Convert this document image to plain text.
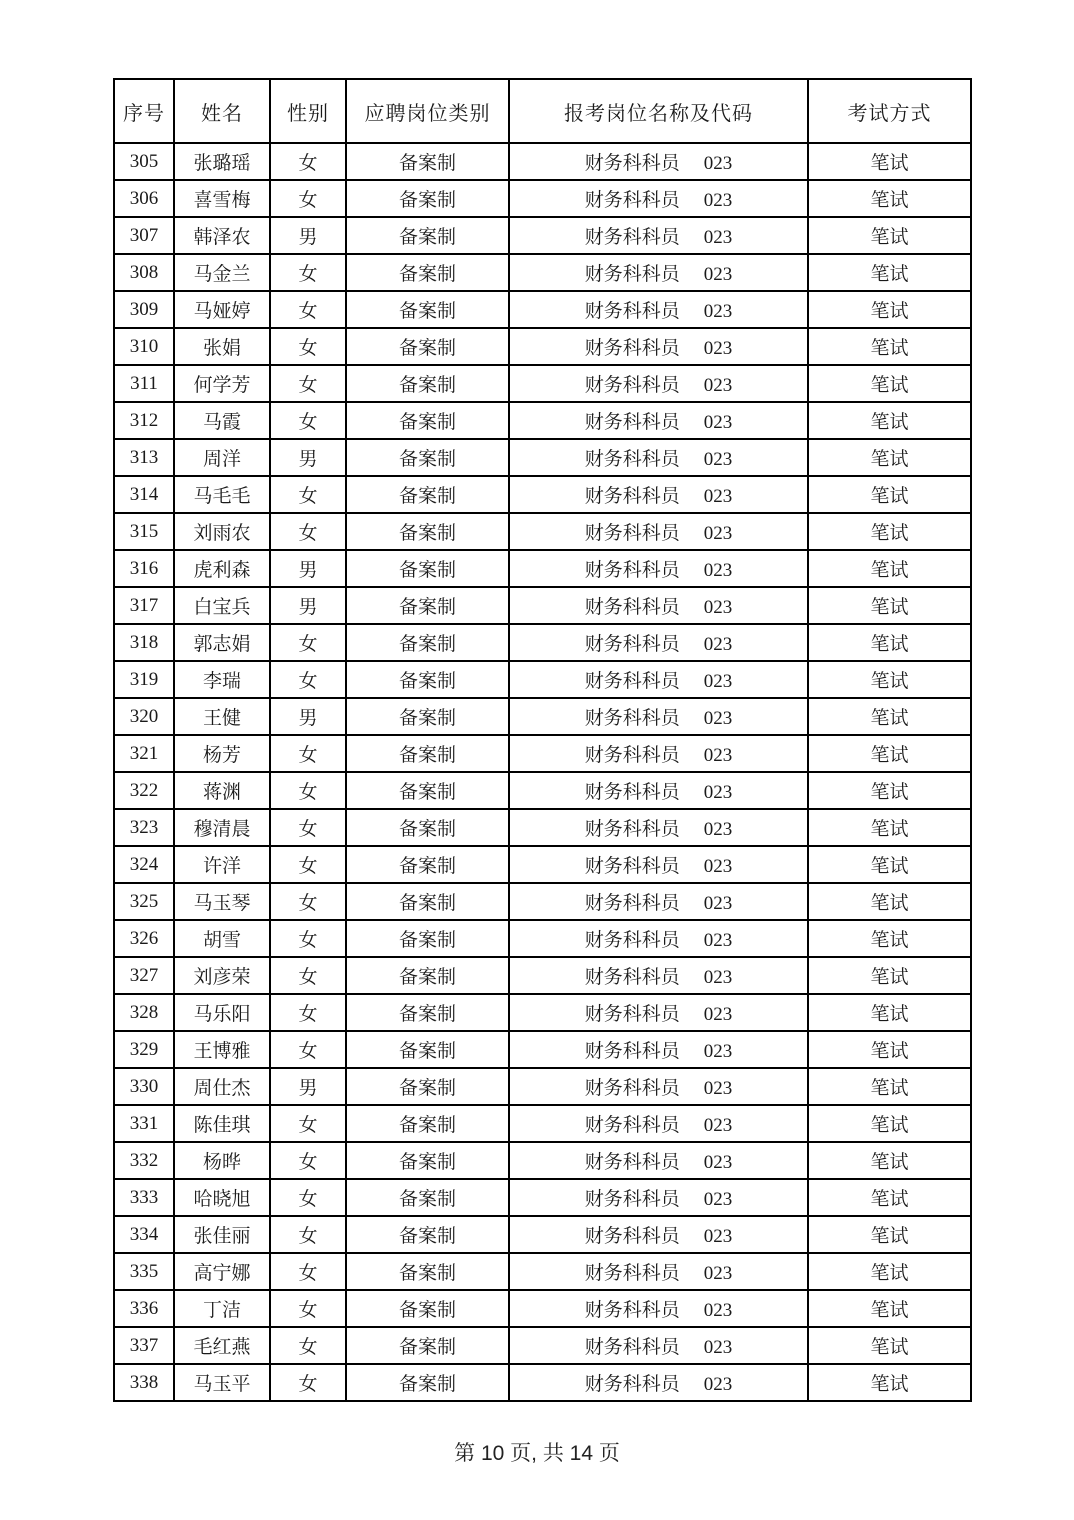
序号	姓名	性别	应聘岗位类别	报考岗位名称及代码	考试方式
305	张璐瑶	女	备案制	财务科科员 023	笔试
306	喜雪梅	女	备案制	财务科科员 023	笔试
307	韩泽农	男	备案制	财务科科员 023	笔试
308	马金兰	女	备案制	财务科科员 023	笔试
309	马娅婷	女	备案制	财务科科员 023	笔试
310	张娟	女	备案制	财务科科员 023	笔试
311	何学芳	女	备案制	财务科科员 023	笔试
312	马霞	女	备案制	财务科科员 023	笔试
313	周洋	男	备案制	财务科科员 023	笔试
314	马毛毛	女	备案制	财务科科员 023	笔试
315	刘雨农	女	备案制	财务科科员 023	笔试
316	虎利森	男	备案制	财务科科员 023	笔试
317	白宝兵	男	备案制	财务科科员 023	笔试
318	郭志娟	女	备案制	财务科科员 023	笔试
319	李瑞	女	备案制	财务科科员 023	笔试
320	王健	男	备案制	财务科科员 023	笔试
321	杨芳	女	备案制	财务科科员 023	笔试
322	蒋渊	女	备案制	财务科科员 023	笔试
323	穆清晨	女	备案制	财务科科员 023	笔试
324	许洋	女	备案制	财务科科员 023	笔试
325	马玉琴	女	备案制	财务科科员 023	笔试
326	胡雪	女	备案制	财务科科员 023	笔试
327	刘彦荣	女	备案制	财务科科员 023	笔试
328	马乐阳	女	备案制	财务科科员 023	笔试
329	王博雅	女	备案制	财务科科员 023	笔试
330	周仕杰	男	备案制	财务科科员 023	笔试
331	陈佳琪	女	备案制	财务科科员 023	笔试
332	杨晔	女	备案制	财务科科员 023	笔试
333	哈晓旭	女	备案制	财务科科员 023	笔试
334	张佳丽	女	备案制	财务科科员 023	笔试
335	高宁娜	女	备案制	财务科科员 023	笔试
336	丁洁	女	备案制	财务科科员 023	笔试
337	毛红燕	女	备案制	财务科科员 023	笔试
338	马玉平	女	备案制	财务科科员 023	笔试
第 10 页, 共 14 页
